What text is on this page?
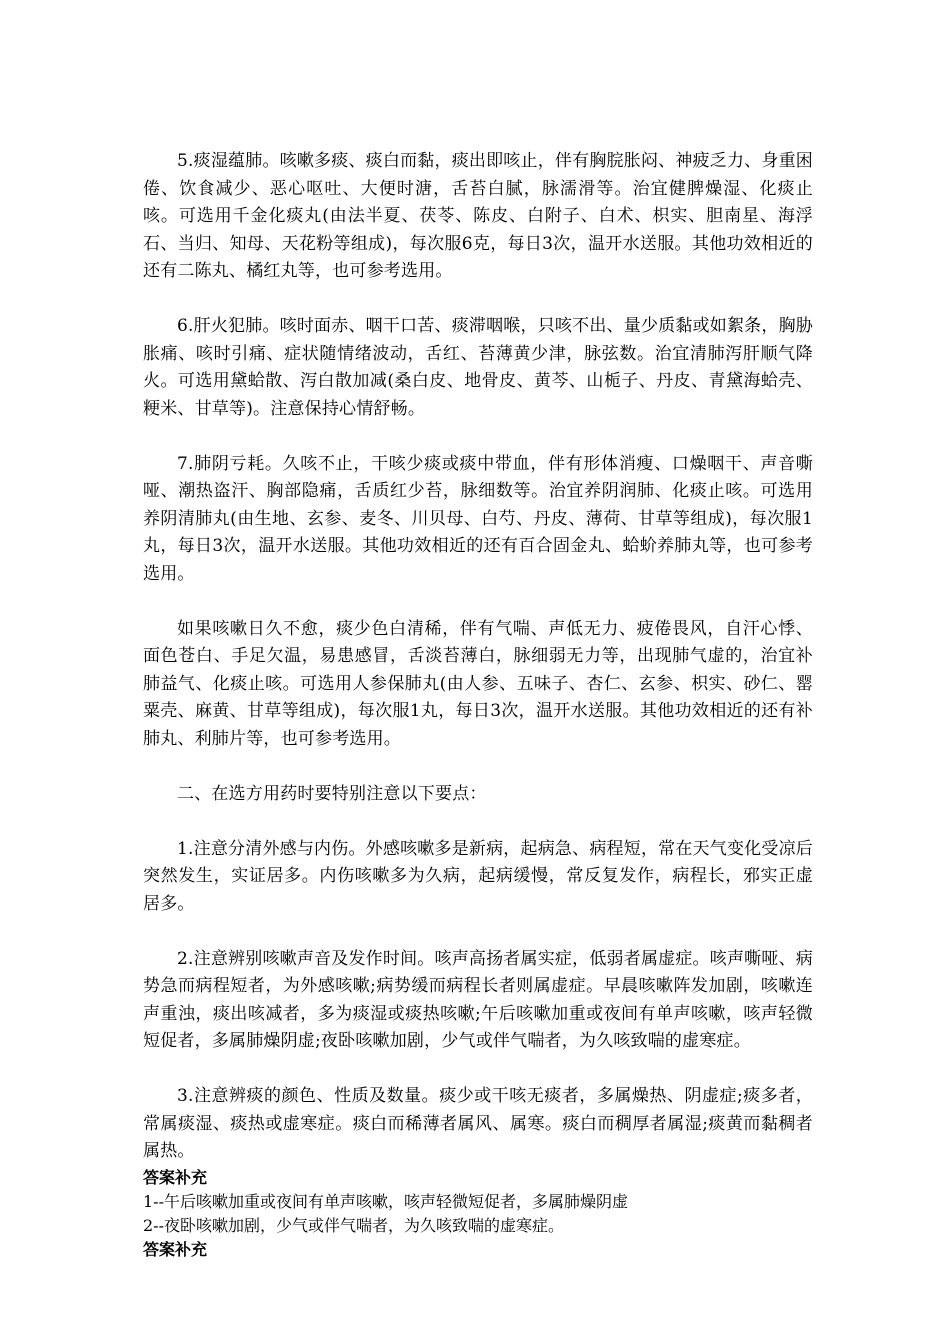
5.痰湿蕴肺。咳嗽多痰、痰白而黏，痰出即咳止，伴有胸脘胀闷、神疲乏力、身重困倦、饮食减少、恶心呕吐、大便时溏，舌苔白腻，脉濡滑等。治宜健脾燥湿、化痰止咳。可选用千金化痰丸(由法半夏、茯苓、陈皮、白附子、白术、枳实、胆南星、海浮石、当归、知母、天花粉等组成)，每次服6克，每日3次，温开水送服。其他功效相近的还有二陈丸、橘红丸等，也可参考选用。

6.肝火犯肺。咳时面赤、咽干口苦、痰滞咽喉，只咳不出、量少质黏或如絮条，胸胁胀痛、咳时引痛、症状随情绪波动，舌红、苔薄黄少津，脉弦数。治宜清肺泻肝顺气降火。可选用黛蛤散、泻白散加减(桑白皮、地骨皮、黄芩、山栀子、丹皮、青黛海蛤壳、粳米、甘草等)。注意保持心情舒畅。

7.肺阴亏耗。久咳不止，干咳少痰或痰中带血，伴有形体消瘦、口燥咽干、声音嘶哑、潮热盗汗、胸部隐痛，舌质红少苔，脉细数等。治宜养阴润肺、化痰止咳。可选用养阴清肺丸(由生地、玄参、麦冬、川贝母、白芍、丹皮、薄荷、甘草等组成)，每次服1丸，每日3次，温开水送服。其他功效相近的还有百合固金丸、蛤蚧养肺丸等，也可参考选用。

如果咳嗽日久不愈，痰少色白清稀，伴有气喘、声低无力、疲倦畏风，自汗心悸、面色苍白、手足欠温，易患感冒，舌淡苔薄白，脉细弱无力等，出现肺气虚的，治宜补肺益气、化痰止咳。可选用人参保肺丸(由人参、五味子、杏仁、玄参、枳实、砂仁、罂粟壳、麻黄、甘草等组成)，每次服1丸，每日3次，温开水送服。其他功效相近的还有补肺丸、利肺片等，也可参考选用。

二、在选方用药时要特别注意以下要点：

1.注意分清外感与内伤。外感咳嗽多是新病，起病急、病程短，常在天气变化受凉后突然发生，实证居多。内伤咳嗽多为久病，起病缓慢，常反复发作，病程长，邪实正虚居多。

2.注意辨别咳嗽声音及发作时间。咳声高扬者属实症，低弱者属虚症。咳声嘶哑、病势急而病程短者，为外感咳嗽;病势缓而病程长者则属虚症。早晨咳嗽阵发加剧，咳嗽连声重浊，痰出咳减者，多为痰湿或痰热咳嗽;午后咳嗽加重或夜间有单声咳嗽，咳声轻微短促者，多属肺燥阴虚;夜卧咳嗽加剧，少气或伴气喘者，为久咳致喘的虚寒症。

3.注意辨痰的颜色、性质及数量。痰少或干咳无痰者，多属燥热、阴虚症;痰多者，常属痰湿、痰热或虚寒症。痰白而稀薄者属风、属寒。痰白而稠厚者属湿;痰黄而黏稠者属热。

答案补充

1--午后咳嗽加重或夜间有单声咳嗽，咳声轻微短促者，多属肺燥阴虚

2--夜卧咳嗽加剧，少气或伴气喘者，为久咳致喘的虚寒症。

答案补充
